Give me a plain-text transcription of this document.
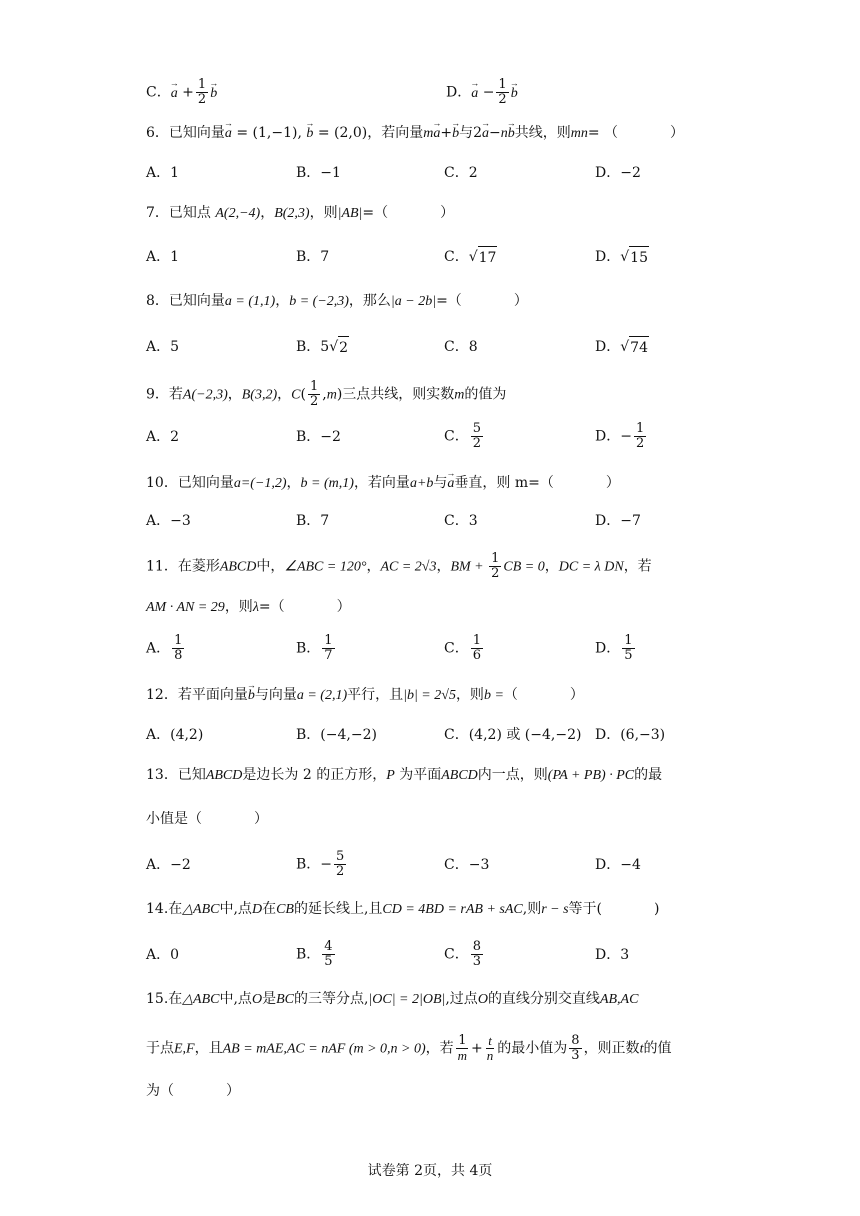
C．→ $a + \frac{1}{2}$
→ b	D．→ $a - \frac{1}{2}$
→ b
6．已知向量→ a = (1,−1), → b = (2,0)，若向量m→ a+→ b与2→ a−n→ b共线，则mn= （	）
A．1	B．−1	C．2	D．−2
7．已知点 A(2,−4)，B(2,3)，则|AB|=（	）
A．1	B．7	C． √ 17	D． √ 15
8．已知向量a = (1,1)，b = (−2,3)，那么|a − 2b|=（	）
A．5	B．5 √ 2	C．8	D． √ 74
9．若A(−2,3)，B(3,2)，$C( \frac{1}{2} ,m)$三点共线，则实数m的值为
A．2	B．−2	C． $\frac{5}{2}$	D．− $\frac{1}{2}$
10．已知向量a=(−1,2)，b = (m,1)，若向量a+b与→ a垂直，则 m=（	）
A．−3	B．7	C．3	D．−7
11．在菱形ABCD中，∠ABC = 120°，AC = 2√3，BM + $\frac{1}{2}$ CB = 0，DC = λ DN，若
AM · AN = 29，则λ=（	）
A． $\frac{1}{8}$	B． $\frac{1}{7}$	C． $\frac{1}{6}$	D． $\frac{1}{5}$
12．若平面向量→ b与向量a = (2,1)平行，且|b| = 2√5，则b =（	）
A．(4,2)	B．(−4,−2)	C．(4,2) 或 (−4,−2) D．(6,−3)
13．已知ABCD是边长为 2 的正方形，P 为平面ABCD内一点，则(PA + PB) · PC的最
小值是（	）
A．−2	B．− $\frac{5}{2}$	C．−3	D．−4
14.在△ABC中,点D在CB的延长线上,且CD = 4BD = rAB + sAC,则r − s等于(	)
A．0	B． $\frac{4}{5}$	C． $\frac{8}{3}$	D．3
15.在△ABC中,点O是BC的三等分点,|OC| = 2|OB|,过点O的直线分别交直线AB,AC
于点E,F，且AB = mAE,AC = nAF (m > 0,n > 0)，若 $\frac{1}{m} + \frac{t}{n}$ 的最小值为 $\frac{8}{3}$ ，则正数t的值
为（	）
试卷第 2页，共 4页
